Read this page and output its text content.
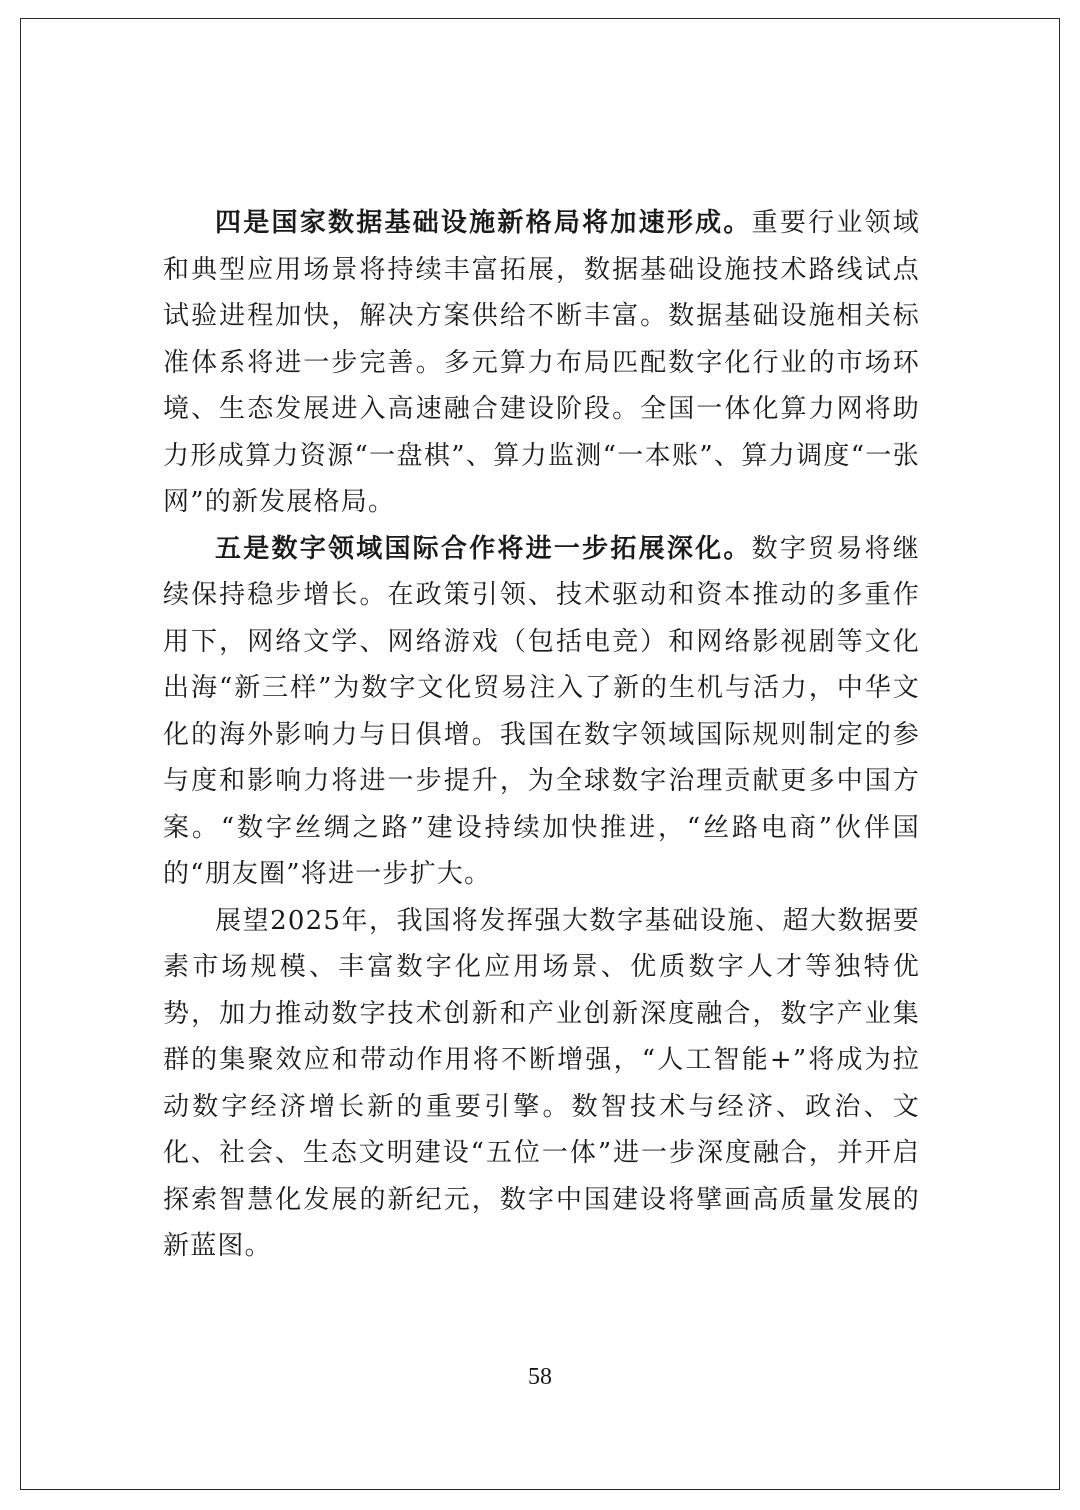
四是国家数据基础设施新格局将加速形成。重要行业领域和典型应用场景将持续丰富拓展，数据基础设施技术路线试点试验进程加快，解决方案供给不断丰富。数据基础设施相关标准体系将进一步完善。多元算力布局匹配数字化行业的市场环境、生态发展进入高速融合建设阶段。全国一体化算力网将助力形成算力资源“一盘棋”、算力监测“一本账”、算力调度“一张网”的新发展格局。

五是数字领域国际合作将进一步拓展深化。数字贸易将继续保持稳步增长。在政策引领、技术驱动和资本推动的多重作用下，网络文学、网络游戏（包括电竞）和网络影视剧等文化出海“新三样”为数字文化贸易注入了新的生机与活力，中华文化的海外影响力与日俱增。我国在数字领域国际规则制定的参与度和影响力将进一步提升，为全球数字治理贡献更多中国方案。“数字丝绸之路”建设持续加快推进，“丝路电商”伙伴国的“朋友圈”将进一步扩大。

展望2025年，我国将发挥强大数字基础设施、超大数据要素市场规模、丰富数字化应用场景、优质数字人才等独特优势，加力推动数字技术创新和产业创新深度融合，数字产业集群的集聚效应和带动作用将不断增强，“人工智能+”将成为拉动数字经济增长新的重要引擎。数智技术与经济、政治、文化、社会、生态文明建设“五位一体”进一步深度融合，并开启探索智慧化发展的新纪元，数字中国建设将擘画高质量发展的新蓝图。

58
